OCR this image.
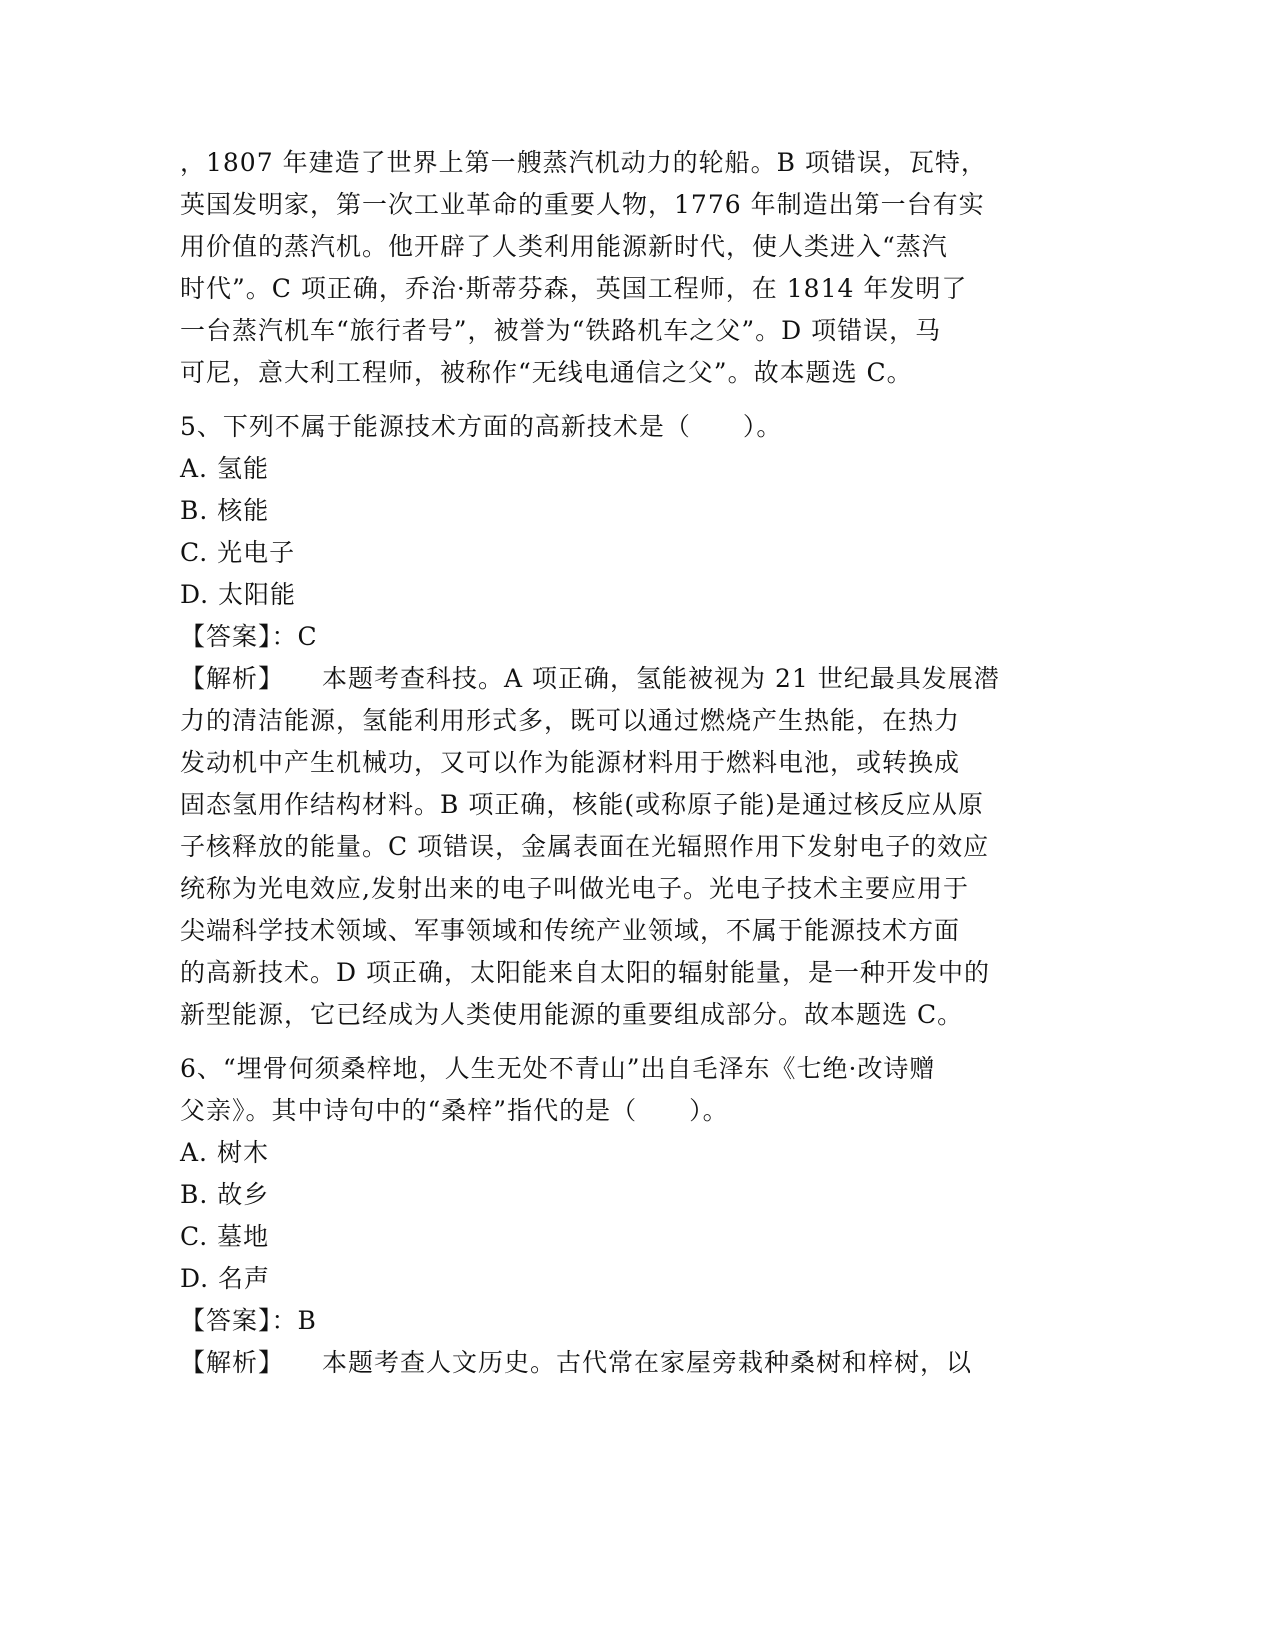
，1807 年建造了世界上第一艘蒸汽机动力的轮船。B 项错误，瓦特，

英国发明家，第一次工业革命的重要人物，1776 年制造出第一台有实

用价值的蒸汽机。他开辟了人类利用能源新时代，使人类进入“蒸汽

时代”。C 项正确，乔治·斯蒂芬森，英国工程师，在 1814 年发明了

一台蒸汽机车“旅行者号”，被誉为“铁路机车之父”。D 项错误，马

可尼，意大利工程师，被称作“无线电通信之父”。故本题选 C。

5、下列不属于能源技术方面的高新技术是（　　）。

A. 氢能

B. 核能

C. 光电子

D. 太阳能

【答案】：C

【解析】 本题考查科技。A 项正确，氢能被视为 21 世纪最具发展潜

力的清洁能源，氢能利用形式多，既可以通过燃烧产生热能，在热力

发动机中产生机械功，又可以作为能源材料用于燃料电池，或转换成

固态氢用作结构材料。B 项正确，核能(或称原子能)是通过核反应从原

子核释放的能量。C 项错误，金属表面在光辐照作用下发射电子的效应

统称为光电效应,发射出来的电子叫做光电子。光电子技术主要应用于

尖端科学技术领域、军事领域和传统产业领域，不属于能源技术方面

的高新技术。D 项正确，太阳能来自太阳的辐射能量，是一种开发中的

新型能源，它已经成为人类使用能源的重要组成部分。故本题选 C。

6、“埋骨何须桑梓地，人生无处不青山”出自毛泽东《七绝·改诗赠

父亲》。其中诗句中的“桑梓”指代的是（　　）。

A. 树木

B. 故乡

C. 墓地

D. 名声

【答案】：B

【解析】 本题考查人文历史。古代常在家屋旁栽种桑树和梓树，以
